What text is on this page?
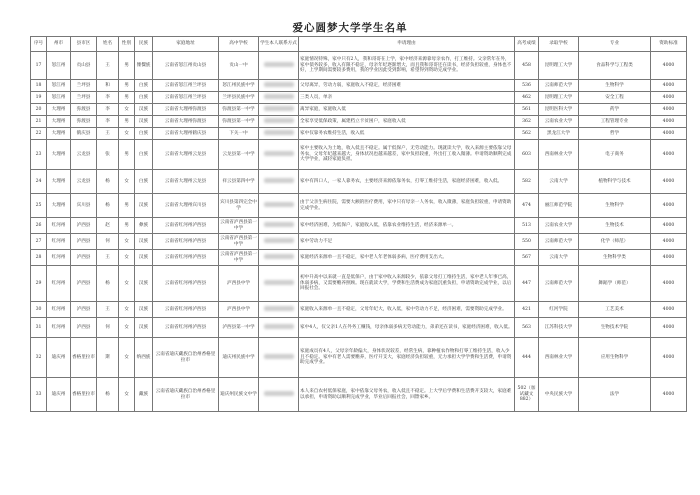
爱心圆梦大学学生名单
序号	州市	县市区	姓名	性别	民族	家庭地址	高中学校	学生本人联系方式	申请理由	高考成绩	录取学校	专业	资助标准
17	怒江州	贡山县	王	男	傈僳族	云南省怒江州贡山县	贡山一中		家庭情况特殊，家中只有2人，我和哥哥在上学，家中经济来源靠母亲农作，打工维持。父亲常年在外，家中债务较多，收入有限不稳定，母亲年纪逐渐增大，而且我和哥哥还在读书，经济负担较重，身体也不好，上学期间需要较多费用，我的学业因此受到影响，希望得到资助完成学业。	458	昆明理工大学	食品科学与工程类	4000
18	怒江州	兰坪县	和	男	白族	云南省怒江州兰坪县	怒江州民族中学		父母离异，劳动力弱，家庭收入不稳定，经济困难	536	云南师范大学	生物科学	4000
19	怒江州	兰坪县	李	男	白族	云南省怒江州兰坪县	兰坪县民族中学		三类人员，单亲	462	昆明理工大学	安全工程	4000
20	大理州	弥渡县	李	女	汉族	云南省大理州弥渡县	弥渡县第一中学		离异家庭，家庭收入低	561	昆明医科大学	药学	4000
21	大理州	弥渡县	李	男	汉族	云南省大理州弥渡县	弥渡县第一中学		全家享受低保政策，属建档立卡贫困户，家庭收入低	362	云南农业大学	工程管理专业	4000
22	大理州	鹤庆县	王	女	白族	云南省大理州鹤庆县	下关一中		家中仅靠务农维持生活，收入低	562	黑龙江大学	哲学	4000
23	大理州	云龙县	张	男	白族	云南省大理州云龙县	云龙县第一中学		家中主要收入为土地，收入低且不稳定。属于低保户，无劳动能力。现就读大学，收入来源主要依靠父母务农，父母年纪越来越大，身体状况也越来越差，家中负担较重，外出打工收入微薄。申请资助顺利完成大学学业，减轻家庭负担。	603	西南林业大学	电子商务	4000
24	大理州	云龙县	杨	女	白族	云南省大理州云龙县	祥云县第四中学		家中有四口人，一家人靠务农，主要经济来源依靠务农，打零工维持生活，家庭经济困难，收入低。	582	云南大学	植物科学与技术	4000
25	大理州	宾川县	杨	男	汉族	云南省大理州宾川县	宾川县第四完全中学		由于父亲生病住院，需要大额的医疗费用，家中只有母亲一人务农，收入微薄，家庭负担较重，申请资助完成学业。	474	丽江师范学院	生物科学	4000
26	红河州	泸西县	赵	男	彝族	云南省红河州泸西县	云南省泸西县第一中学		家中经济困难，为低保户，家庭收入低，依靠农业维持生活，经济来源单一。	513	云南农业大学	生物技术	4000
27	红河州	泸西县	何	女	汉族	云南省红河州泸西县	云南省泸西县第一中学		家中劳动力不足	550	云南师范大学	化学（师范）	4000
28	红河州	泸西县	王	女	汉族	云南省红河州泸西县	云南省泸西县第一中学		家庭经济来源单一且不稳定，家中老人年老体弱多病，医疗费用支出大。	567	云南大学	生物科学类	4000
29	红河州	泸西县	杨	女	汉族	云南省红河州泸西县	泸西县中学		初中升高中以来就一直是低保户，由于家中收入来源较少，依靠父母打工维持生活，家中老人年事已高，体弱多病，又需要赡养照顾。现在就读大学，学费和生活费成为家庭沉重负担，申请资助完成学业，以后回报社会。	447	云南师范大学	舞蹈学（师范）	4000
30	红河州	泸西县	王	女	汉族	云南省红河州泸西县	泸西县中学		家庭收入来源单一且不稳定，父母年纪大，收入低，家中劳动力不足，经济困难，需要资助完成学业。	421	红河学院	工艺美术	4000
31	红河州	泸西县	何	女	汉族	云南省红河州泸西县	泸西县第一中学		家中4人，仅父亲1人在外务工赚钱，母亲体弱多病无劳动能力，弟弟还在读书，家庭经济困难，收入低。	563	江苏科技大学	生物技术学院	4000
32	迪庆州	香格里拉市	斯	女	纳西族	云南省迪庆藏族自治州香格里拉市	迪庆州民族中学		家庭成员有4人，父母亲年龄偏大，身体状况较差，经常生病，靠种植农作物和打零工维持生活，收入少且不稳定。家中有老人需要赡养，医疗开支大，家庭经济负担较重，无力承担大学学费和生活费，申请资助完成学业。	444	西南林业大学	应用生物科学	4000
33	迪庆州	香格里拉市	杨	女	藏族	云南省迪庆藏族自治州香格里拉市	迪庆州民族文中学		本人来自农村低保家庭，家中依靠父母务农，收入低且不稳定。上大学后学费和生活费开支较大，家庭难以承担，申请资助以顺利完成学业，毕业后回报社会，回馈家乡。	502（加试藏文882）	中央民族大学	法学	4000
